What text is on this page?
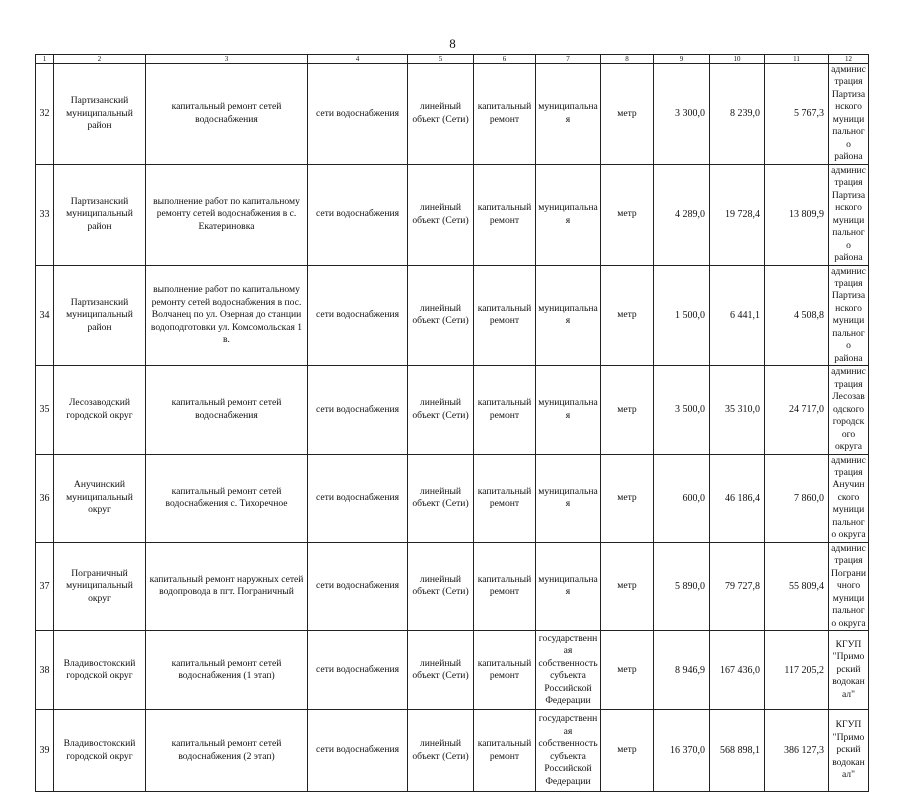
8
1	2	3	4	5	6	7	8	9	10	11	12
32	Партизанский муниципальный район	капитальный ремонт сетей водоснабжения	сети водоснабжения	линейный объект (Сети)	капитальный ремонт	муниципальная	метр	3 300,0	8 239,0	5 767,3	администрация Партизанского муниципального района
33	Партизанский муниципальный район	выполнение работ по капитальному ремонту сетей водоснабжения в с. Екатериновка	сети водоснабжения	линейный объект (Сети)	капитальный ремонт	муниципальная	метр	4 289,0	19 728,4	13 809,9	администрация Партизанского муниципального района
34	Партизанский муниципальный район	выполнение работ по капитальному ремонту сетей водоснабжения в пос. Волчанец по ул. Озерная до станции водоподготовки ул. Комсомольская 1 в.	сети водоснабжения	линейный объект (Сети)	капитальный ремонт	муниципальная	метр	1 500,0	6 441,1	4 508,8	администрация Партизанского муниципального района
35	Лесозаводский городской округ	капитальный ремонт сетей водоснабжения	сети водоснабжения	линейный объект (Сети)	капитальный ремонт	муниципальная	метр	3 500,0	35 310,0	24 717,0	администрация Лесозаводского городского округа
36	Анучинский муниципальный округ	капитальный ремонт сетей водоснабжения с. Тихоречное	сети водоснабжения	линейный объект (Сети)	капитальный ремонт	муниципальная	метр	600,0	46 186,4	7 860,0	администрация Анучинского муниципального округа
37	Пограничный муниципальный округ	капитальный ремонт наружных сетей водопровода в пгт. Пограничный	сети водоснабжения	линейный объект (Сети)	капитальный ремонт	муниципальная	метр	5 890,0	79 727,8	55 809,4	администрация Пограничного муниципального округа
38	Владивостокский городской округ	капитальный ремонт сетей водоснабжения (1 этап)	сети водоснабжения	линейный объект (Сети)	капитальный ремонт	государственная собственность субъекта Российской Федерации	метр	8 946,9	167 436,0	117 205,2	КГУП "Приморский водоканал"
39	Владивостокский городской округ	капитальный ремонт сетей водоснабжения (2 этап)	сети водоснабжения	линейный объект (Сети)	капитальный ремонт	государственная собственность субъекта Российской Федерации	метр	16 370,0	568 898,1	386 127,3	КГУП "Приморский водоканал"
